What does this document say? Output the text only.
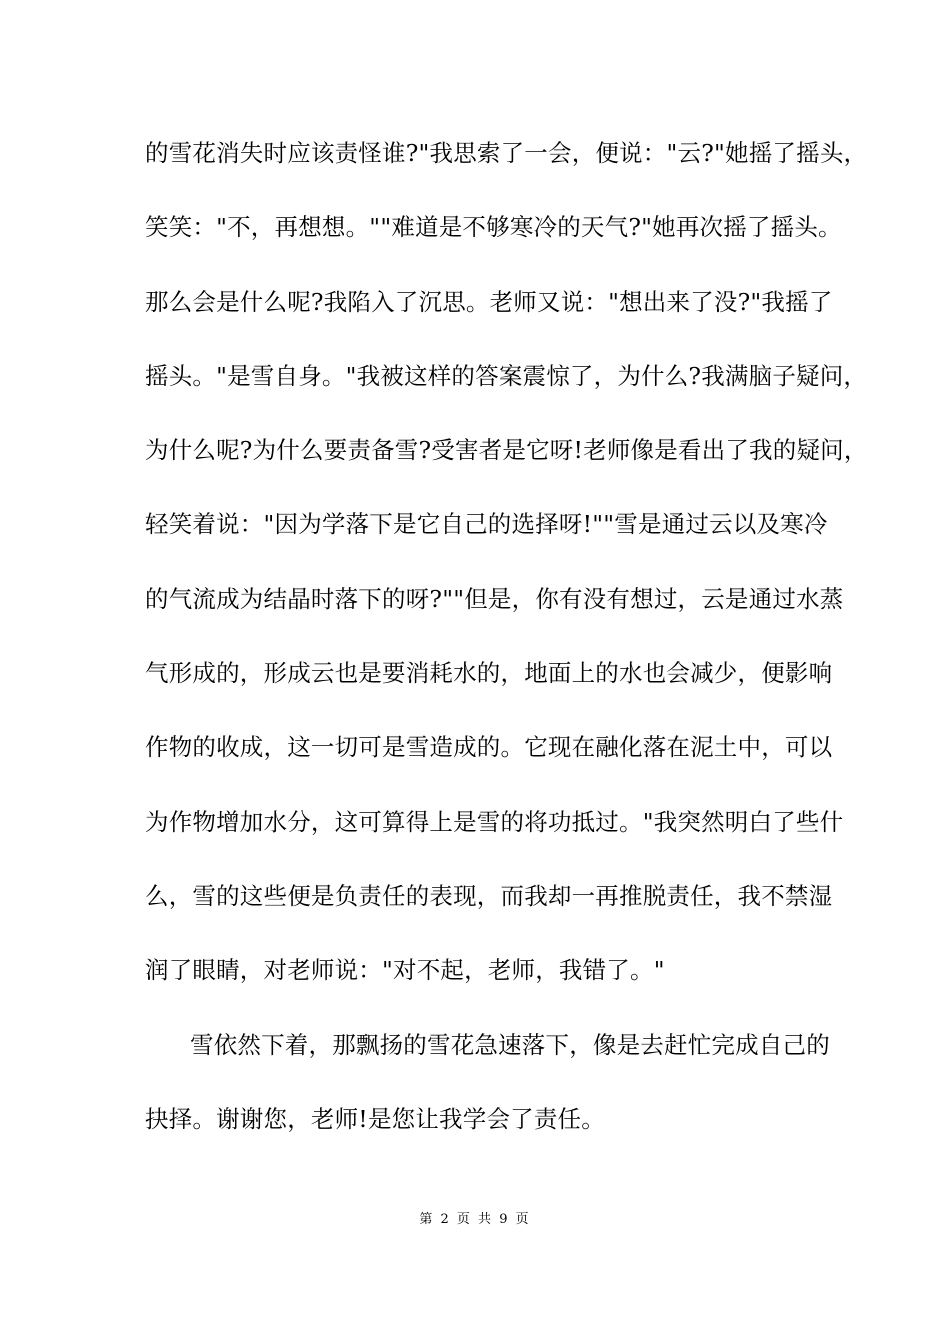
的雪花消失时应该责怪谁?"我思索了一会，便说："云?"她摇了摇头，
笑笑："不，再想想。""难道是不够寒冷的天气?"她再次摇了摇头。
那么会是什么呢?我陷入了沉思。老师又说："想出来了没?"我摇了
摇头。"是雪自身。"我被这样的答案震惊了，为什么?我满脑子疑问，
为什么呢?为什么要责备雪?受害者是它呀!老师像是看出了我的疑问，
轻笑着说："因为学落下是它自己的选择呀!""雪是通过云以及寒冷
的气流成为结晶时落下的呀?""但是，你有没有想过，云是通过水蒸
气形成的，形成云也是要消耗水的，地面上的水也会减少，便影响
作物的收成，这一切可是雪造成的。它现在融化落在泥土中，可以
为作物增加水分，这可算得上是雪的将功抵过。"我突然明白了些什
么，雪的这些便是负责任的表现，而我却一再推脱责任，我不禁湿
润了眼睛，对老师说："对不起，老师，我错了。"
雪依然下着，那飘扬的雪花急速落下，像是去赶忙完成自己的
抉择。谢谢您，老师!是您让我学会了责任。
第 2 页 共 9 页
